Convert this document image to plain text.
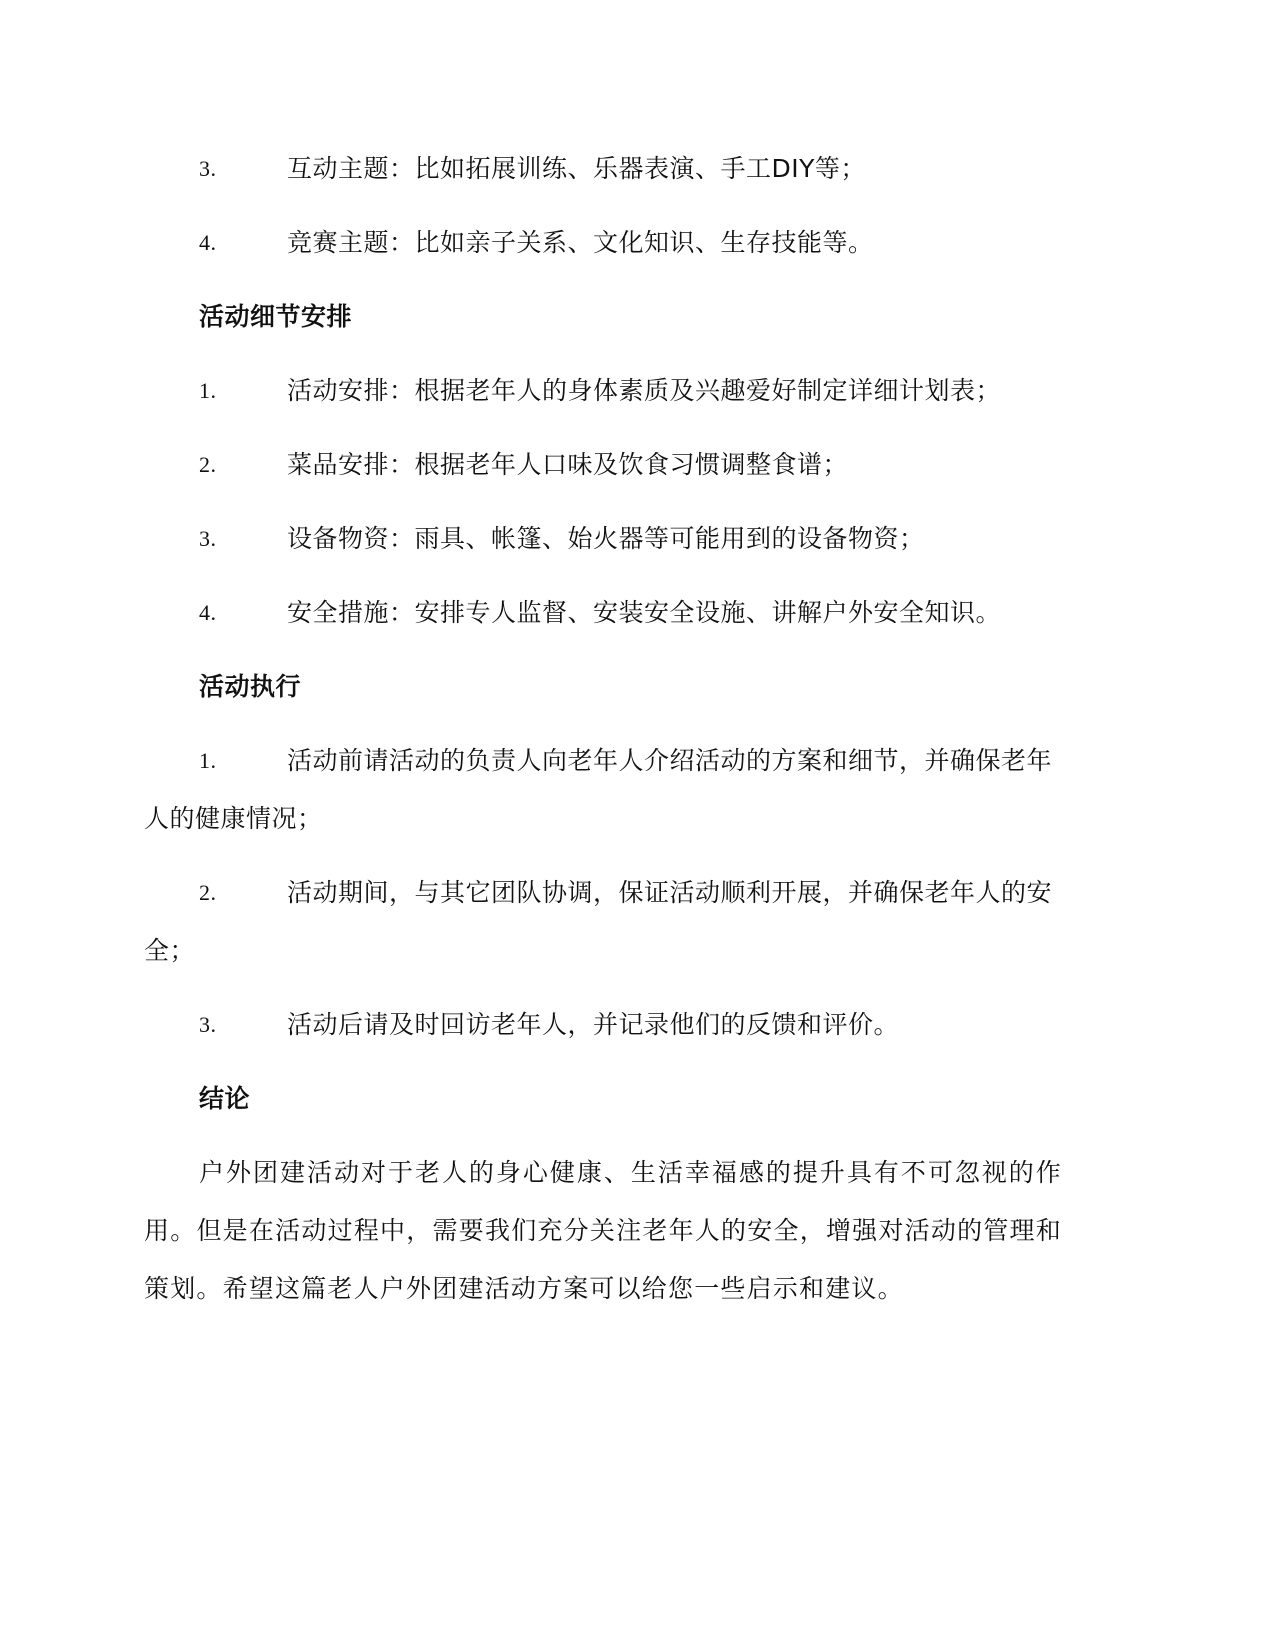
3.	互动主题：比如拓展训练、乐器表演、手工DIY等；
4.	竞赛主题：比如亲子关系、文化知识、生存技能等。
活动细节安排
1.	活动安排：根据老年人的身体素质及兴趣爱好制定详细计划表；
2.	菜品安排：根据老年人口味及饮食习惯调整食谱；
3.	设备物资：雨具、帐篷、始火器等可能用到的设备物资；
4.	安全措施：安排专人监督、安装安全设施、讲解户外安全知识。
活动执行
1.	活动前请活动的负责人向老年人介绍活动的方案和细节，并确保老年人的健康情况；
2.	活动期间，与其它团队协调，保证活动顺利开展，并确保老年人的安全；
3.	活动后请及时回访老年人，并记录他们的反馈和评价。
结论
户外团建活动对于老人的身心健康、生活幸福感的提升具有不可忽视的作用。但是在活动过程中，需要我们充分关注老年人的安全，增强对活动的管理和策划。希望这篇老人户外团建活动方案可以给您一些启示和建议。
